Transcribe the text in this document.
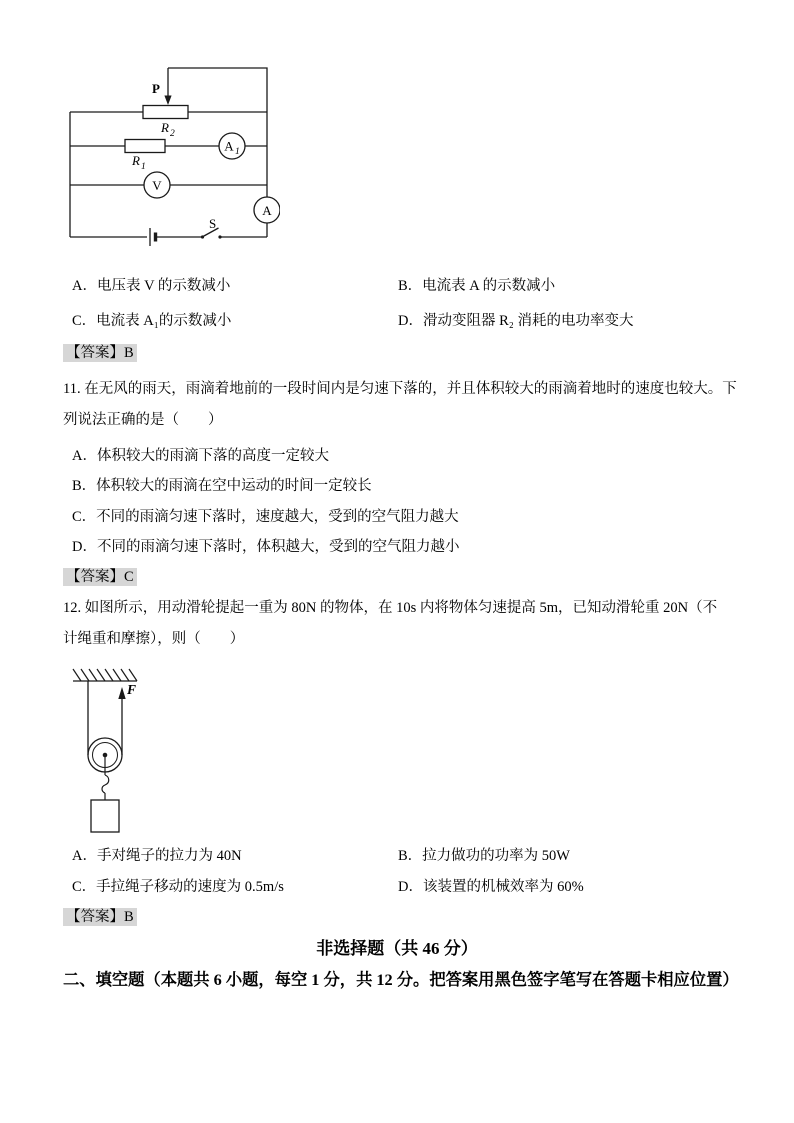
P
R 2
R 1
A 1
V
A
S
A．电压表 V 的示数减小	B．电流表 A 的示数减小
C．电流表 A₁的示数减小	D．滑动变阻器 R₂ 消耗的电功率变大
【答案】B
11. 在无风的雨天，雨滴着地前的一段时间内是匀速下落的，并且体积较大的雨滴着地时的速度也较大。下
列说法正确的是（　　）
A．体积较大的雨滴下落的高度一定较大
B．体积较大的雨滴在空中运动的时间一定较长
C．不同的雨滴匀速下落时，速度越大，受到的空气阻力越大
D．不同的雨滴匀速下落时，体积越大，受到的空气阻力越小
【答案】C
12. 如图所示，用动滑轮提起一重为 80N 的物体，在 10s 内将物体匀速提高 5m，已知动滑轮重 20N（不
计绳重和摩擦），则（　　）
F
A．手对绳子的拉力为 40N	B．拉力做功的功率为 50W
C．手拉绳子移动的速度为 0.5m/s	D．该装置的机械效率为 60%
【答案】B
非选择题（共 46 分）
二、填空题（本题共 6 小题，每空 1 分，共 12 分。把答案用黑色签字笔写在答题卡相应位置）
